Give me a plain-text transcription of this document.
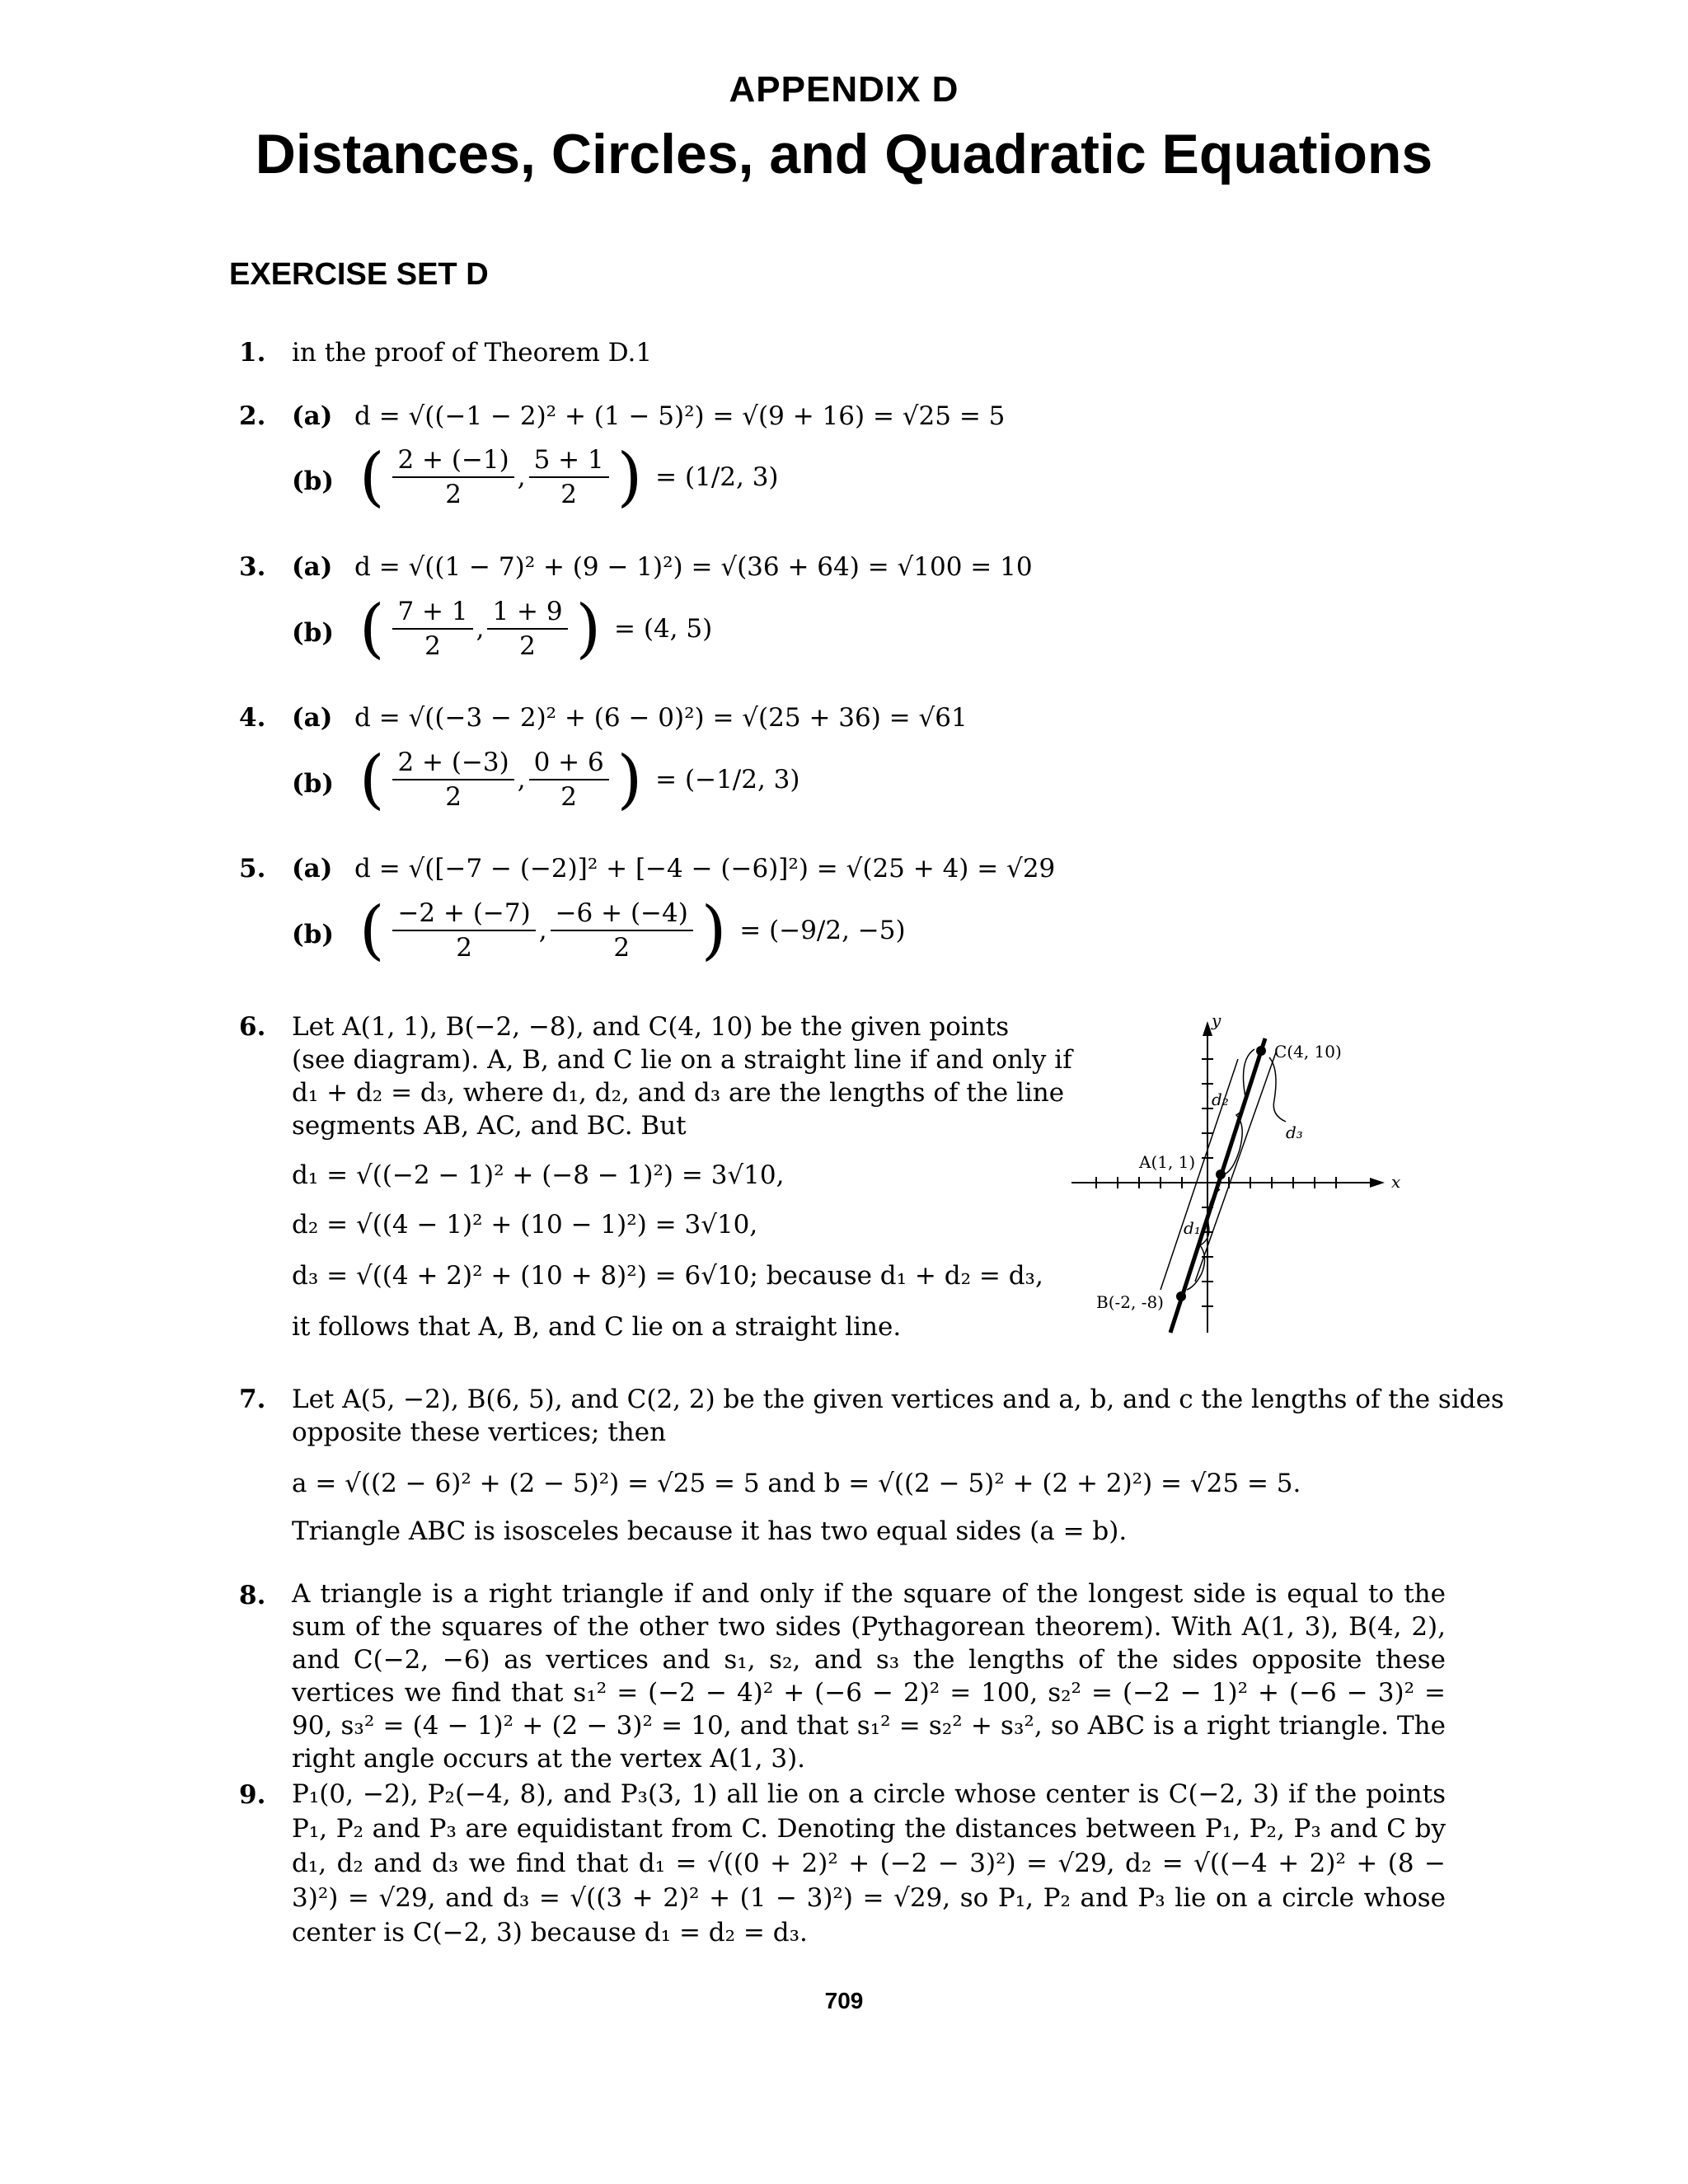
APPENDIX D
Distances, Circles, and Quadratic Equations
EXERCISE SET D
1. in the proof of Theorem D.1
2. (a) d = √((−1 − 2)² + (1 − 5)²) = √(9 + 16) = √25 = 5
(b) ( $\frac{2 + (-1)}{2}$ , $\frac{5 + 1}{2}$ ) = (1/2, 3)
3. (a) d = √((1 − 7)² + (9 − 1)²) = √(36 + 64) = √100 = 10
(b) ( $\frac{7 + 1}{2}$ , $\frac{1 + 9}{2}$ ) = (4, 5)
4. (a) d = √((−3 − 2)² + (6 − 0)²) = √(25 + 36) = √61
(b) ( $\frac{2 + (-3)}{2}$ , $\frac{0 + 6}{2}$ ) = (−1/2, 3)
5. (a) d = √([−7 − (−2)]² + [−4 − (−6)]²) = √(25 + 4) = √29
(b) ( $\frac{-2 + (-7)}{2}$ , $\frac{-6 + (-4)}{2}$ ) = (−9/2, −5)
6. Let A(1, 1), B(−2, −8), and C(4, 10) be the given points
(see diagram). A, B, and C lie on a straight line if and only if
d₁ + d₂ = d₃, where d₁, d₂, and d₃ are the lengths of the line
segments AB, AC, and BC. But
d₁ = √((−2 − 1)² + (−8 − 1)²) = 3√10,
d₂ = √((4 − 1)² + (10 − 1)²) = 3√10,
d₃ = √((4 + 2)² + (10 + 8)²) = 6√10; because d₁ + d₂ = d₃,
it follows that A, B, and C lie on a straight line.
y
x
C(4, 10)
A(1, 1)
B(-2, -8)
d₁
d₂
d₃
7. Let A(5, −2), B(6, 5), and C(2, 2) be the given vertices and a, b, and c the lengths of the sides
opposite these vertices; then
a = √((2 − 6)² + (2 − 5)²) = √25 = 5 and b = √((2 − 5)² + (2 + 2)²) = √25 = 5.
Triangle ABC is isosceles because it has two equal sides (a = b).
8. A triangle is a right triangle if and only if the square of the longest side is equal to the sum of the squares of the other two sides (Pythagorean theorem). With A(1, 3), B(4, 2), and C(−2, −6) as vertices and s₁, s₂, and s₃ the lengths of the sides opposite these vertices we find that s₁² = (−2 − 4)² + (−6 − 2)² = 100, s₂² = (−2 − 1)² + (−6 − 3)² = 90, s₃² = (4 − 1)² + (2 − 3)² = 10, and that s₁² = s₂² + s₃², so ABC is a right triangle. The right angle occurs at the vertex A(1, 3).
9. P₁(0, −2), P₂(−4, 8), and P₃(3, 1) all lie on a circle whose center is C(−2, 3) if the points P₁, P₂ and P₃ are equidistant from C. Denoting the distances between P₁, P₂, P₃ and C by d₁, d₂ and d₃ we find that d₁ = √((0 + 2)² + (−2 − 3)²) = √29, d₂ = √((−4 + 2)² + (8 − 3)²) = √29, and d₃ = √((3 + 2)² + (1 − 3)²) = √29, so P₁, P₂ and P₃ lie on a circle whose center is C(−2, 3) because d₁ = d₂ = d₃.
709
